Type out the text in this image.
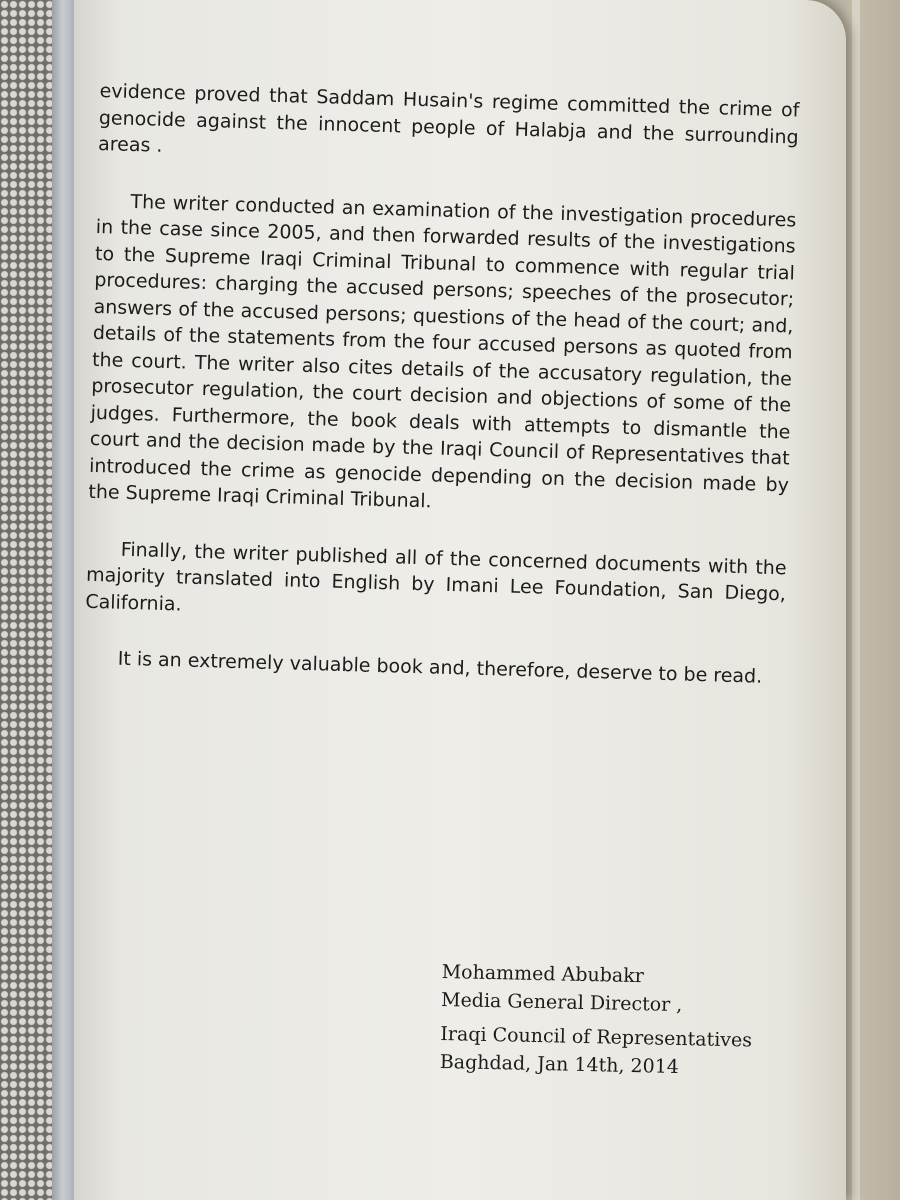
evidence proved that Saddam Husain's regime committed the crime of genocide against the innocent people of Halabja and the surrounding areas .

The writer conducted an examination of the investigation procedures in the case since 2005, and then forwarded results of the investigations to the Supreme Iraqi Criminal Tribunal to commence with regular trial procedures: charging the accused persons; speeches of the prosecutor; answers of the accused persons; questions of the head of the court; and, details of the statements from the four accused persons as quoted from the court. The writer also cites details of the accusatory regulation, the prosecutor regulation, the court decision and objections of some of the judges. Furthermore, the book deals with attempts to dismantle the court and the decision made by the Iraqi Council of Representatives that introduced the crime as genocide depending on the decision made by the Supreme Iraqi Criminal Tribunal.

Finally, the writer published all of the concerned documents with the majority translated into English by Imani Lee Foundation, San Diego, California.

It is an extremely valuable book and, therefore, deserve to be read.

Mohammed Abubakr
Media General Director ,
Iraqi Council of Representatives
Baghdad, Jan 14th, 2014
